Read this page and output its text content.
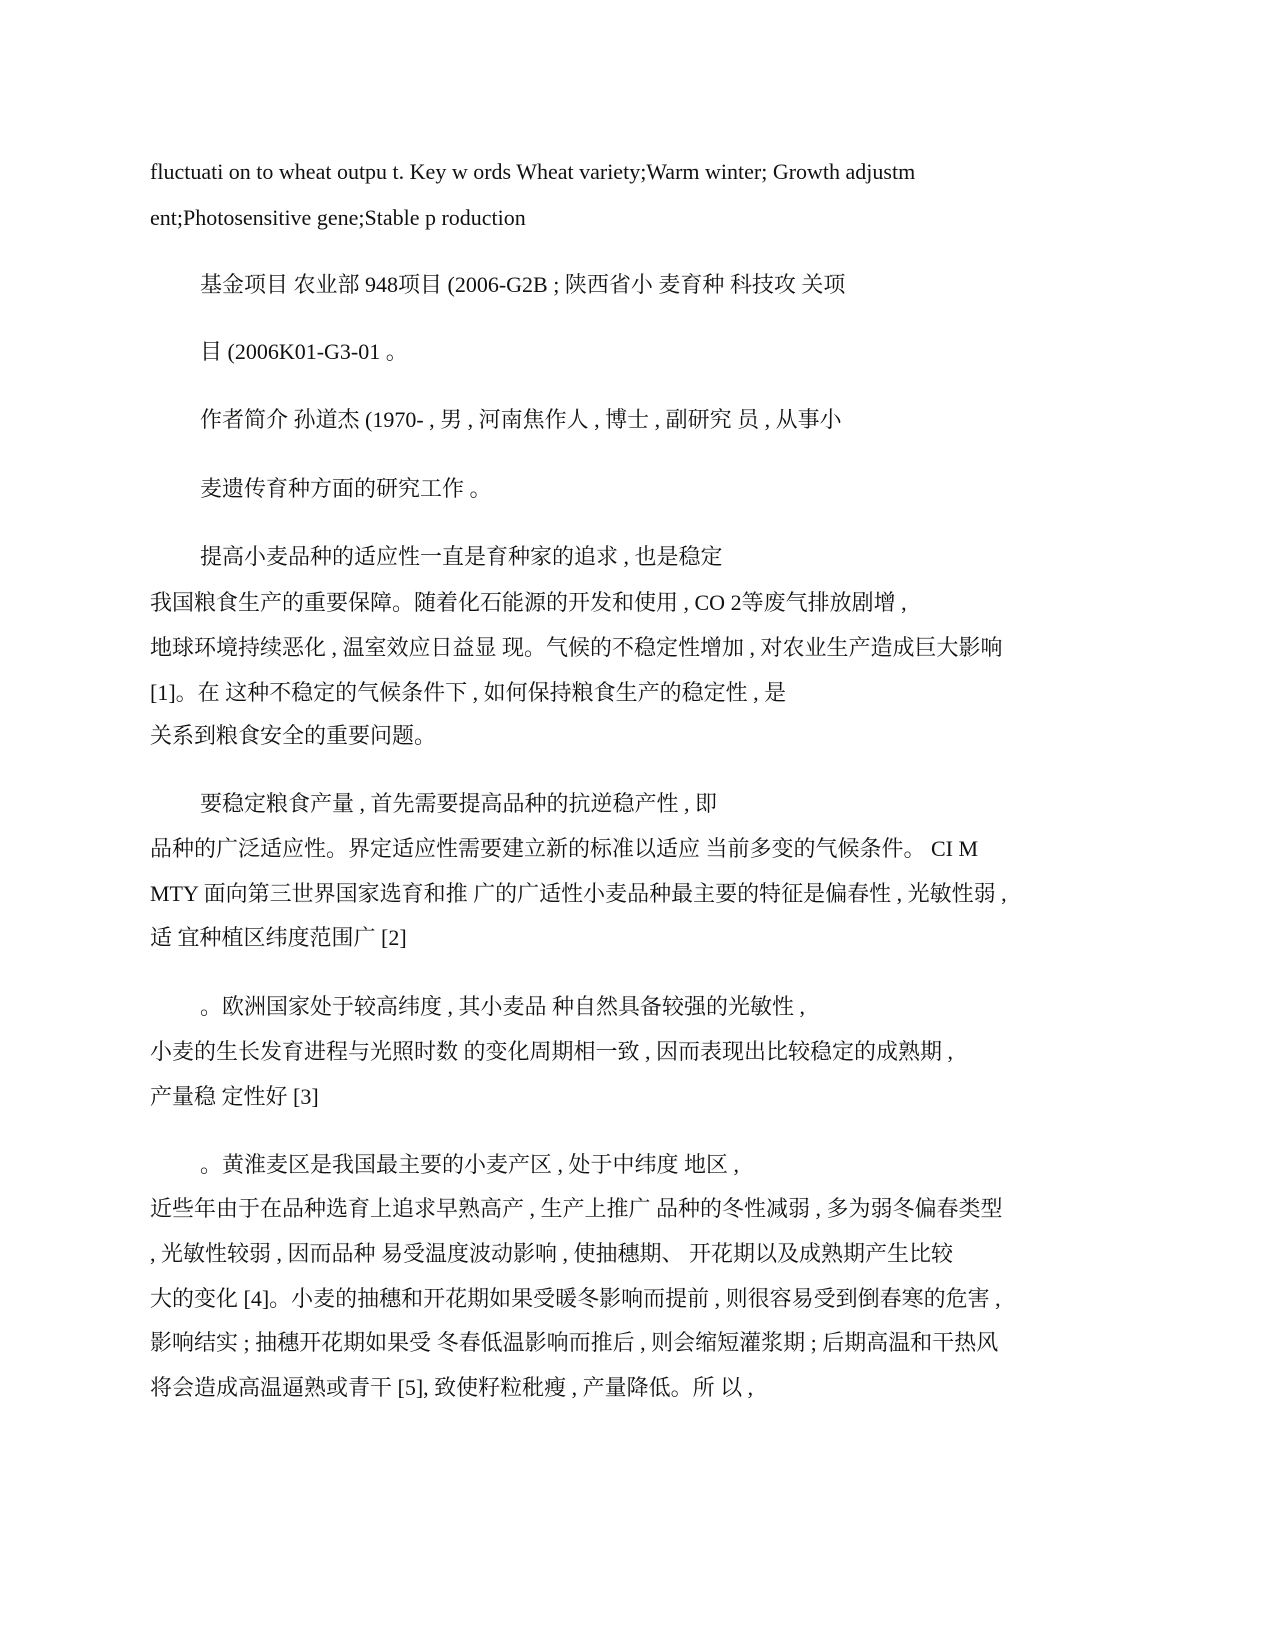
fluctuati on to wheat outpu t. Key w ords Wheat variety;Warm winter; Growth adjustm
ent;Photosensitive gene;Stable p roduction
基金项目 农业部 948项目 (2006-G2B ; 陕西省小 麦育种 科技攻 关项
目 (2006K01-G3-01 。
作者简介 孙道杰 (1970- , 男 , 河南焦作人 , 博士 , 副研究 员 , 从事小
麦遗传育种方面的研究工作 。
提高小麦品种的适应性一直是育种家的追求 , 也是稳定
我国粮食生产的重要保障。随着化石能源的开发和使用 , CO 2等废气排放剧增 ,
地球环境持续恶化 , 温室效应日益显 现。气候的不稳定性增加 , 对农业生产造成巨大影响
[1]。在 这种不稳定的气候条件下 , 如何保持粮食生产的稳定性 , 是
关系到粮食安全的重要问题。
要稳定粮食产量 , 首先需要提高品种的抗逆稳产性 , 即
品种的广泛适应性。界定适应性需要建立新的标准以适应 当前多变的气候条件。 CI M
MTY 面向第三世界国家选育和推 广的广适性小麦品种最主要的特征是偏春性 , 光敏性弱 ,
适 宜种植区纬度范围广 [2]
。欧洲国家处于较高纬度 , 其小麦品 种自然具备较强的光敏性 ,
小麦的生长发育进程与光照时数 的变化周期相一致 , 因而表现出比较稳定的成熟期 ,
产量稳 定性好 [3]
。黄淮麦区是我国最主要的小麦产区 , 处于中纬度 地区 ,
近些年由于在品种选育上追求早熟高产 , 生产上推广 品种的冬性减弱 , 多为弱冬偏春类型
, 光敏性较弱 , 因而品种 易受温度波动影响 , 使抽穗期、 开花期以及成熟期产生比较
大的变化 [4]。小麦的抽穗和开花期如果受暖冬影响而提前 , 则很容易受到倒春寒的危害 ,
影响结实 ; 抽穗开花期如果受 冬春低温影响而推后 , 则会缩短灌浆期 ; 后期高温和干热风
将会造成高温逼熟或青干 [5], 致使籽粒秕瘦 , 产量降低。所 以 ,
